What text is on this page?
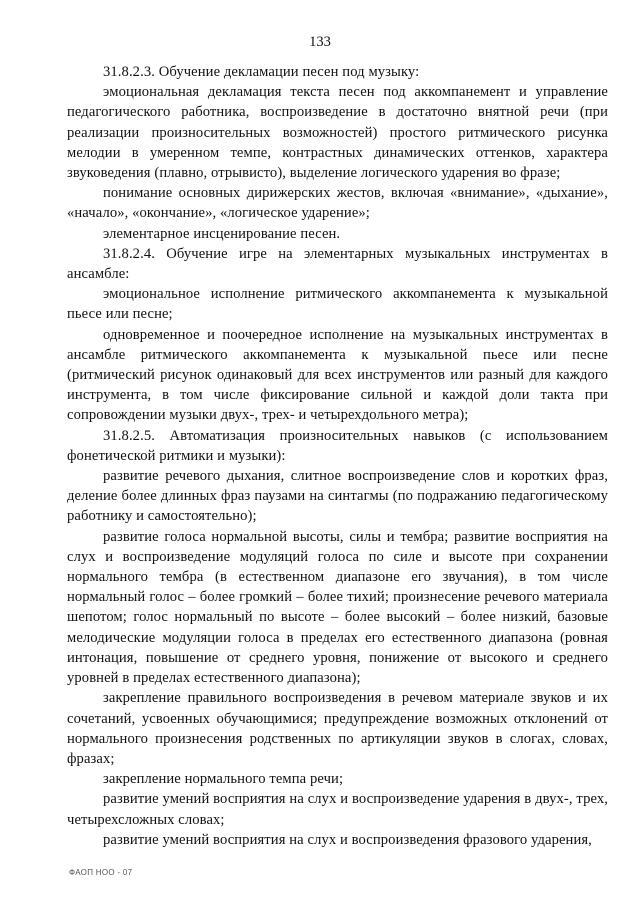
133

31.8.2.3. Обучение декламации песен под музыку:

эмоциональная декламация текста песен под аккомпанемент и управление педагогического работника, воспроизведение в достаточно внятной речи (при реализации произносительных возможностей) простого ритмического рисунка мелодии в умеренном темпе, контрастных динамических оттенков, характера звуковедения (плавно, отрывисто), выделение логического ударения во фразе;

понимание основных дирижерских жестов, включая «внимание», «дыхание», «начало», «окончание», «логическое ударение»;

элементарное инсценирование песен.

31.8.2.4. Обучение игре на элементарных музыкальных инструментах в ансамбле:

эмоциональное исполнение ритмического аккомпанемента к музыкальной пьесе или песне;

одновременное и поочередное исполнение на музыкальных инструментах в ансамбле ритмического аккомпанемента к музыкальной пьесе или песне (ритмический рисунок одинаковый для всех инструментов или разный для каждого инструмента, в том числе фиксирование сильной и каждой доли такта при сопровождении музыки двух-, трех- и четырехдольного метра);

31.8.2.5. Автоматизация произносительных навыков (с использованием фонетической ритмики и музыки):

развитие речевого дыхания, слитное воспроизведение слов и коротких фраз, деление более длинных фраз паузами на синтагмы (по подражанию педагогическому работнику и самостоятельно);

развитие голоса нормальной высоты, силы и тембра; развитие восприятия на слух и воспроизведение модуляций голоса по силе и высоте при сохранении нормального тембра (в естественном диапазоне его звучания), в том числе нормальный голос – более громкий – более тихий; произнесение речевого материала шепотом; голос нормальный по высоте – более высокий – более низкий, базовые мелодические модуляции голоса в пределах его естественного диапазона (ровная интонация, повышение от среднего уровня, понижение от высокого и среднего уровней в пределах естественного диапазона);

закрепление правильного воспроизведения в речевом материале звуков и их сочетаний, усвоенных обучающимися; предупреждение возможных отклонений от нормального произнесения родственных по артикуляции звуков в слогах, словах, фразах;

закрепление нормального темпа речи;

развитие умений восприятия на слух и воспроизведение ударения в двух-, трех, четырехсложных словах;

развитие умений восприятия на слух и воспроизведения фразового ударения,

ФАОП НОО - 07
